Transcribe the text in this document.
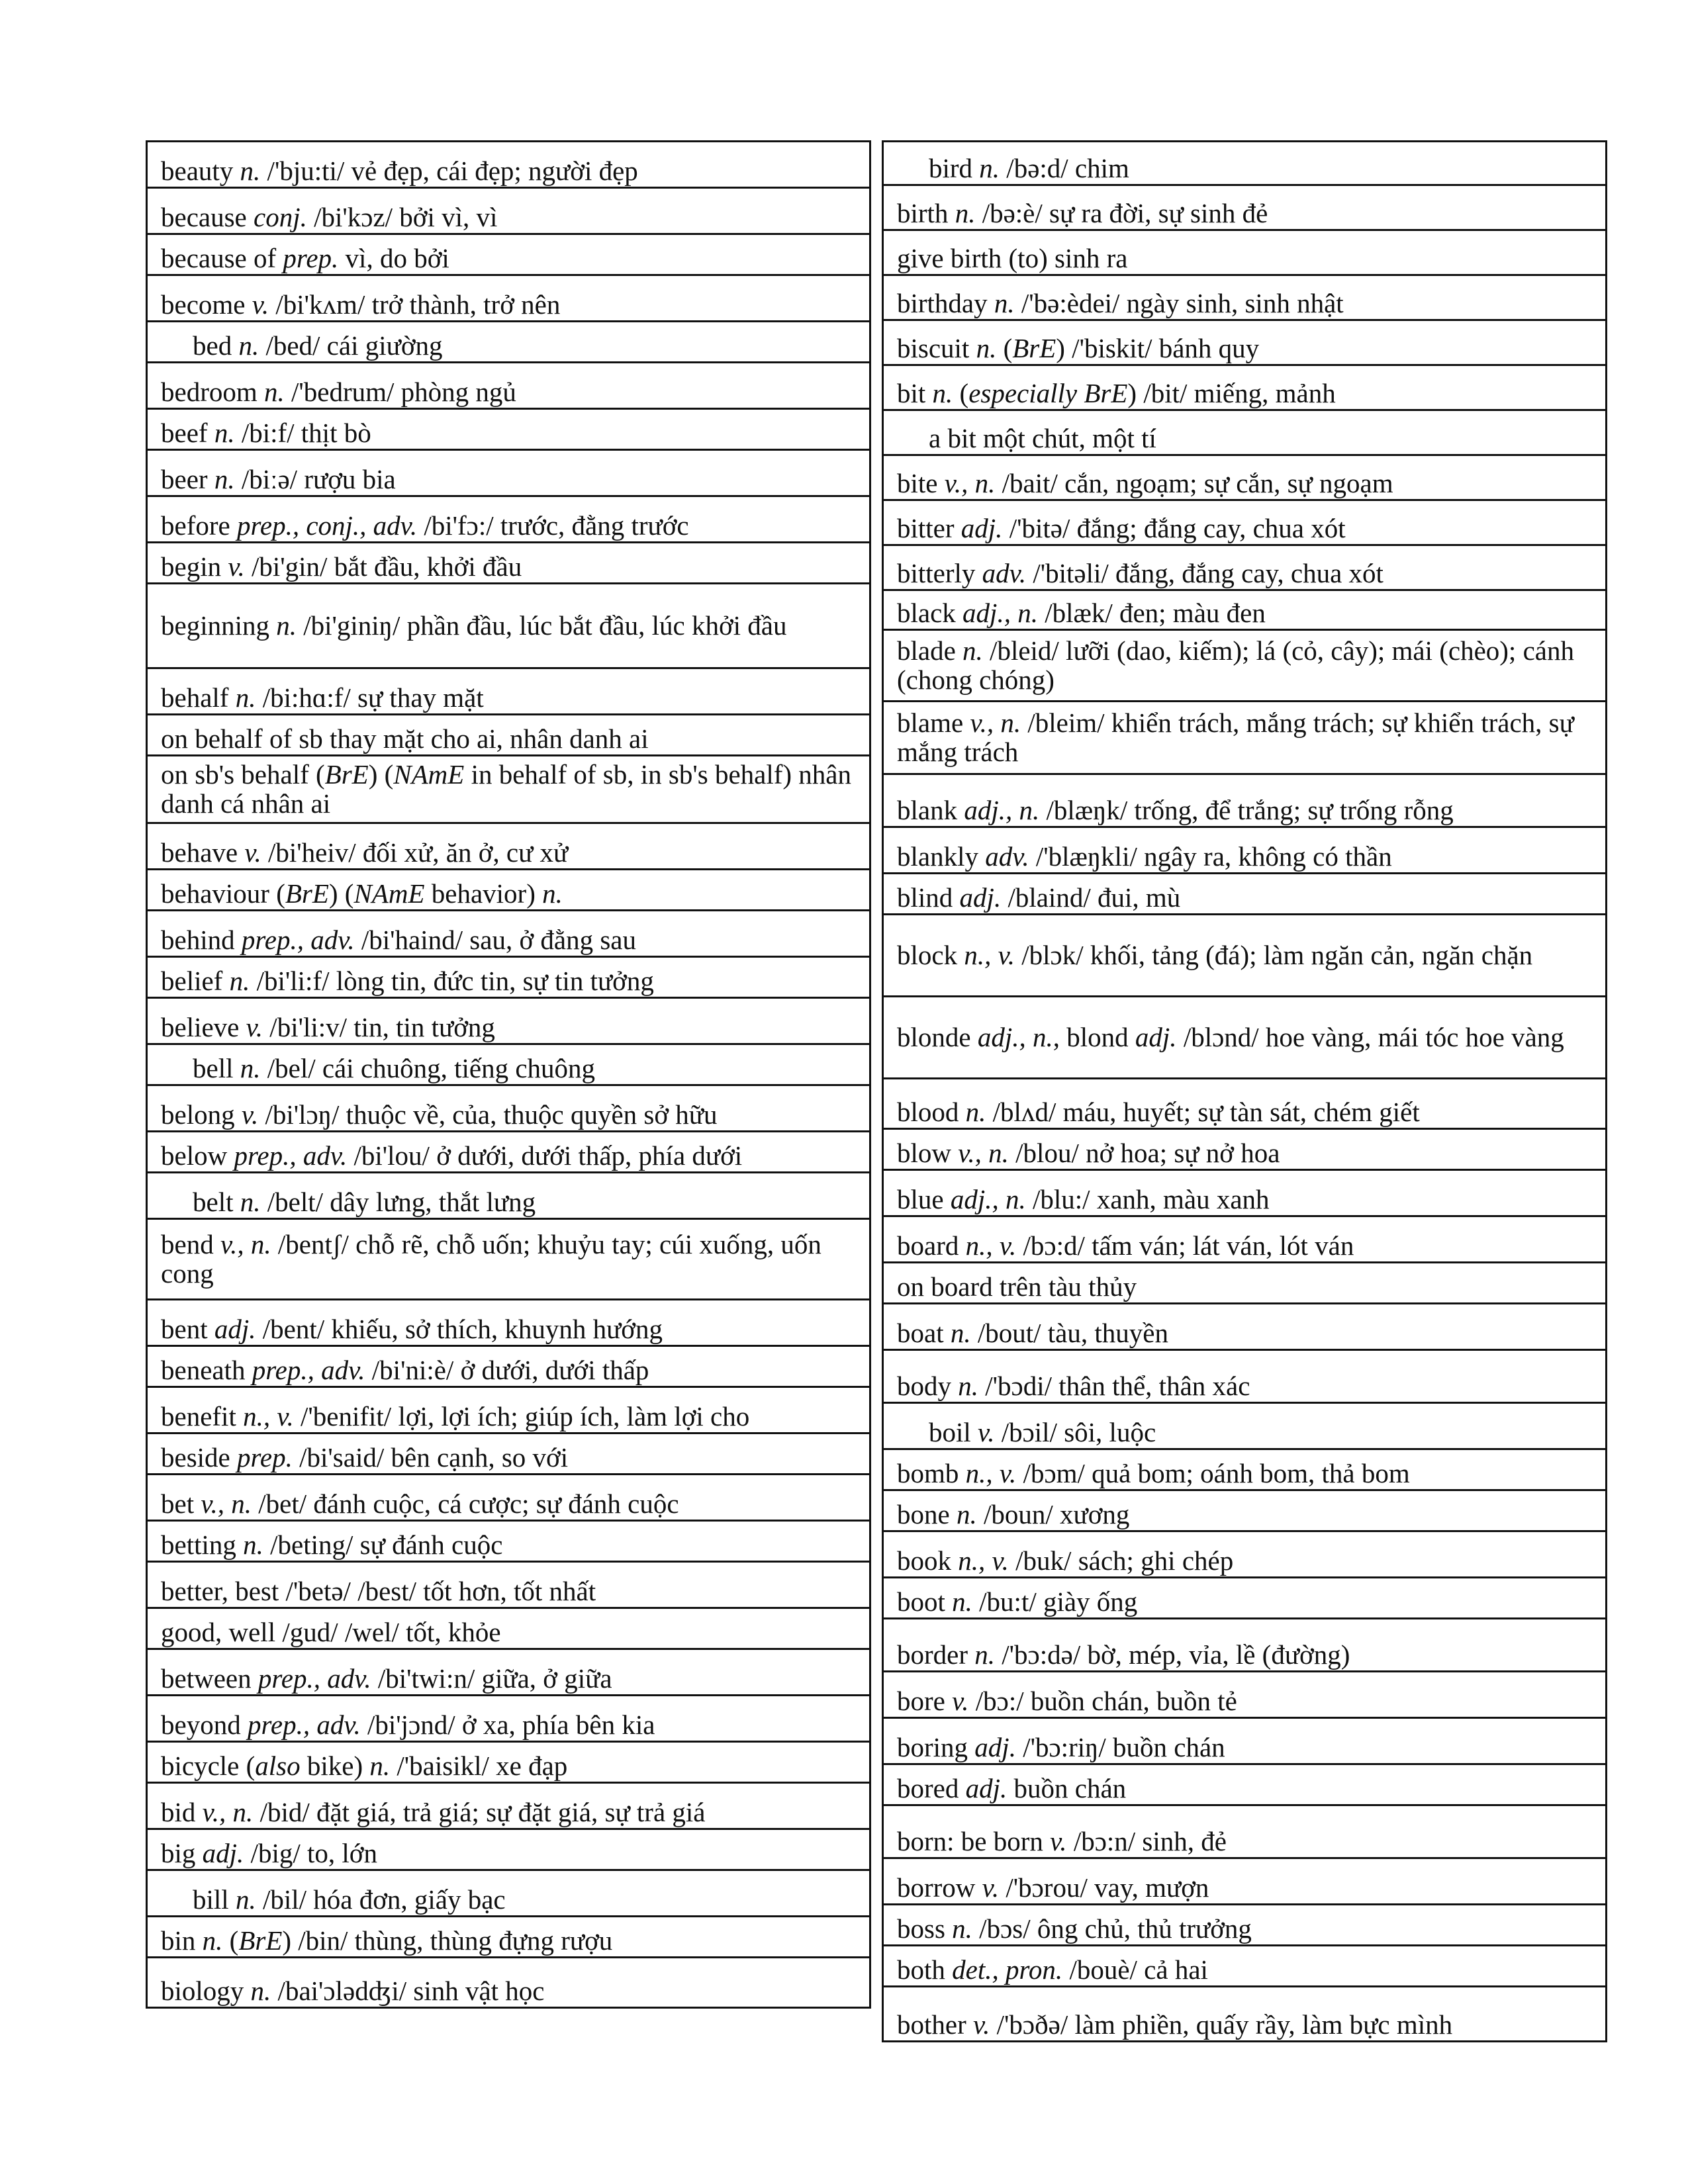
beauty n. /'bju:ti/ vẻ đẹp, cái đẹp; người đẹp
because conj. /bi'kɔz/ bởi vì, vì
because of prep. vì, do bởi
become v. /bi'kʌm/ trở thành, trở nên
bed n. /bed/ cái giường
bedroom n. /'bedrum/ phòng ngủ
beef n. /bi:f/ thịt bò
beer n. /biːə/ rượu bia
before prep., conj., adv. /bi'fɔ:/ trước, đằng trước
begin v. /bi'gin/ bắt đầu, khởi đầu
beginning n. /bi'giniŋ/ phần đầu, lúc bắt đầu, lúc khởi đầu
behalf n. /bi:hɑ:f/ sự thay mặt
on behalf of sb thay mặt cho ai, nhân danh ai
on sb's behalf (BrE) (NAmE in behalf of sb, in sb's behalf) nhân danh cá nhân ai
behave v. /bi'heiv/ đối xử, ăn ở, cư xử
behaviour (BrE) (NAmE behavior) n.
behind prep., adv. /bi'haind/ sau, ở đằng sau
belief n. /bi'li:f/ lòng tin, đức tin, sự tin tưởng
believe v. /bi'li:v/ tin, tin tưởng
bell n. /bel/ cái chuông, tiếng chuông
belong v. /bi'lɔŋ/ thuộc về, của, thuộc quyền sở hữu
below prep., adv. /bi'lou/ ở dưới, dưới thấp, phía dưới
belt n. /belt/ dây lưng, thắt lưng
bend v., n. /bentʃ/ chỗ rẽ, chỗ uốn; khuỷu tay; cúi xuống, uốn cong
bent adj. /bent/ khiếu, sở thích, khuynh hướng
beneath prep., adv. /bi'ni:è/ ở dưới, dưới thấp
benefit n., v. /'benifit/ lợi, lợi ích; giúp ích, làm lợi cho
beside prep. /bi'said/ bên cạnh, so với
bet v., n. /bet/ đánh cuộc, cá cược; sự đánh cuộc
betting n. /beting/ sự đánh cuộc
better, best /'betə/ /best/ tốt hơn, tốt nhất
good, well /gud/ /wel/ tốt, khỏe
between prep., adv. /bi'twi:n/ giữa, ở giữa
beyond prep., adv. /bi'jɔnd/ ở xa, phía bên kia
bicycle (also bike) n. /'baisikl/ xe đạp
bid v., n. /bid/ đặt giá, trả giá; sự đặt giá, sự trả giá
big adj. /big/ to, lớn
bill n. /bil/ hóa đơn, giấy bạc
bin n. (BrE) /bin/ thùng, thùng đựng rượu
biology n. /bai'ɔlədʤi/ sinh vật học
bird n. /bə:d/ chim
birth n. /bə:è/ sự ra đời, sự sinh đẻ
give birth (to) sinh ra
birthday n. /'bə:èdei/ ngày sinh, sinh nhật
biscuit n. (BrE) /'biskit/ bánh quy
bit n. (especially BrE) /bit/ miếng, mảnh
a bit một chút, một tí
bite v., n. /bait/ cắn, ngoạm; sự cắn, sự ngoạm
bitter adj. /'bitə/ đắng; đắng cay, chua xót
bitterly adv. /'bitəli/ đắng, đắng cay, chua xót
black adj., n. /blæk/ đen; màu đen
blade n. /bleid/ lưỡi (dao, kiếm); lá (cỏ, cây); mái (chèo); cánh (chong chóng)
blame v., n. /bleim/ khiển trách, mắng trách; sự khiển trách, sự mắng trách
blank adj., n. /blæŋk/ trống, để trắng; sự trống rỗng
blankly adv. /'blæŋkli/ ngây ra, không có thần
blind adj. /blaind/ đui, mù
block n., v. /blɔk/ khối, tảng (đá); làm ngăn cản, ngăn chặn
blonde adj., n., blond adj. /blɔnd/ hoe vàng, mái tóc hoe vàng
blood n. /blʌd/ máu, huyết; sự tàn sát, chém giết
blow v., n. /blou/ nở hoa; sự nở hoa
blue adj., n. /blu:/ xanh, màu xanh
board n., v. /bɔ:d/ tấm ván; lát ván, lót ván
on board trên tàu thủy
boat n. /bout/ tàu, thuyền
body n. /'bɔdi/ thân thể, thân xác
boil v. /bɔil/ sôi, luộc
bomb n., v. /bɔm/ quả bom; oánh bom, thả bom
bone n. /boun/ xương
book n., v. /buk/ sách; ghi chép
boot n. /bu:t/ giày ống
border n. /'bɔ:də/ bờ, mép, vỉa, lề (đường)
bore v. /bɔ:/ buồn chán, buồn tẻ
boring adj. /'bɔ:riŋ/ buồn chán
bored adj. buồn chán
born: be born v. /bɔ:n/ sinh, đẻ
borrow v. /'bɔrou/ vay, mượn
boss n. /bɔs/ ông chủ, thủ trưởng
both det., pron. /bouè/ cả hai
bother v. /'bɔðə/ làm phiền, quấy rầy, làm bực mình
